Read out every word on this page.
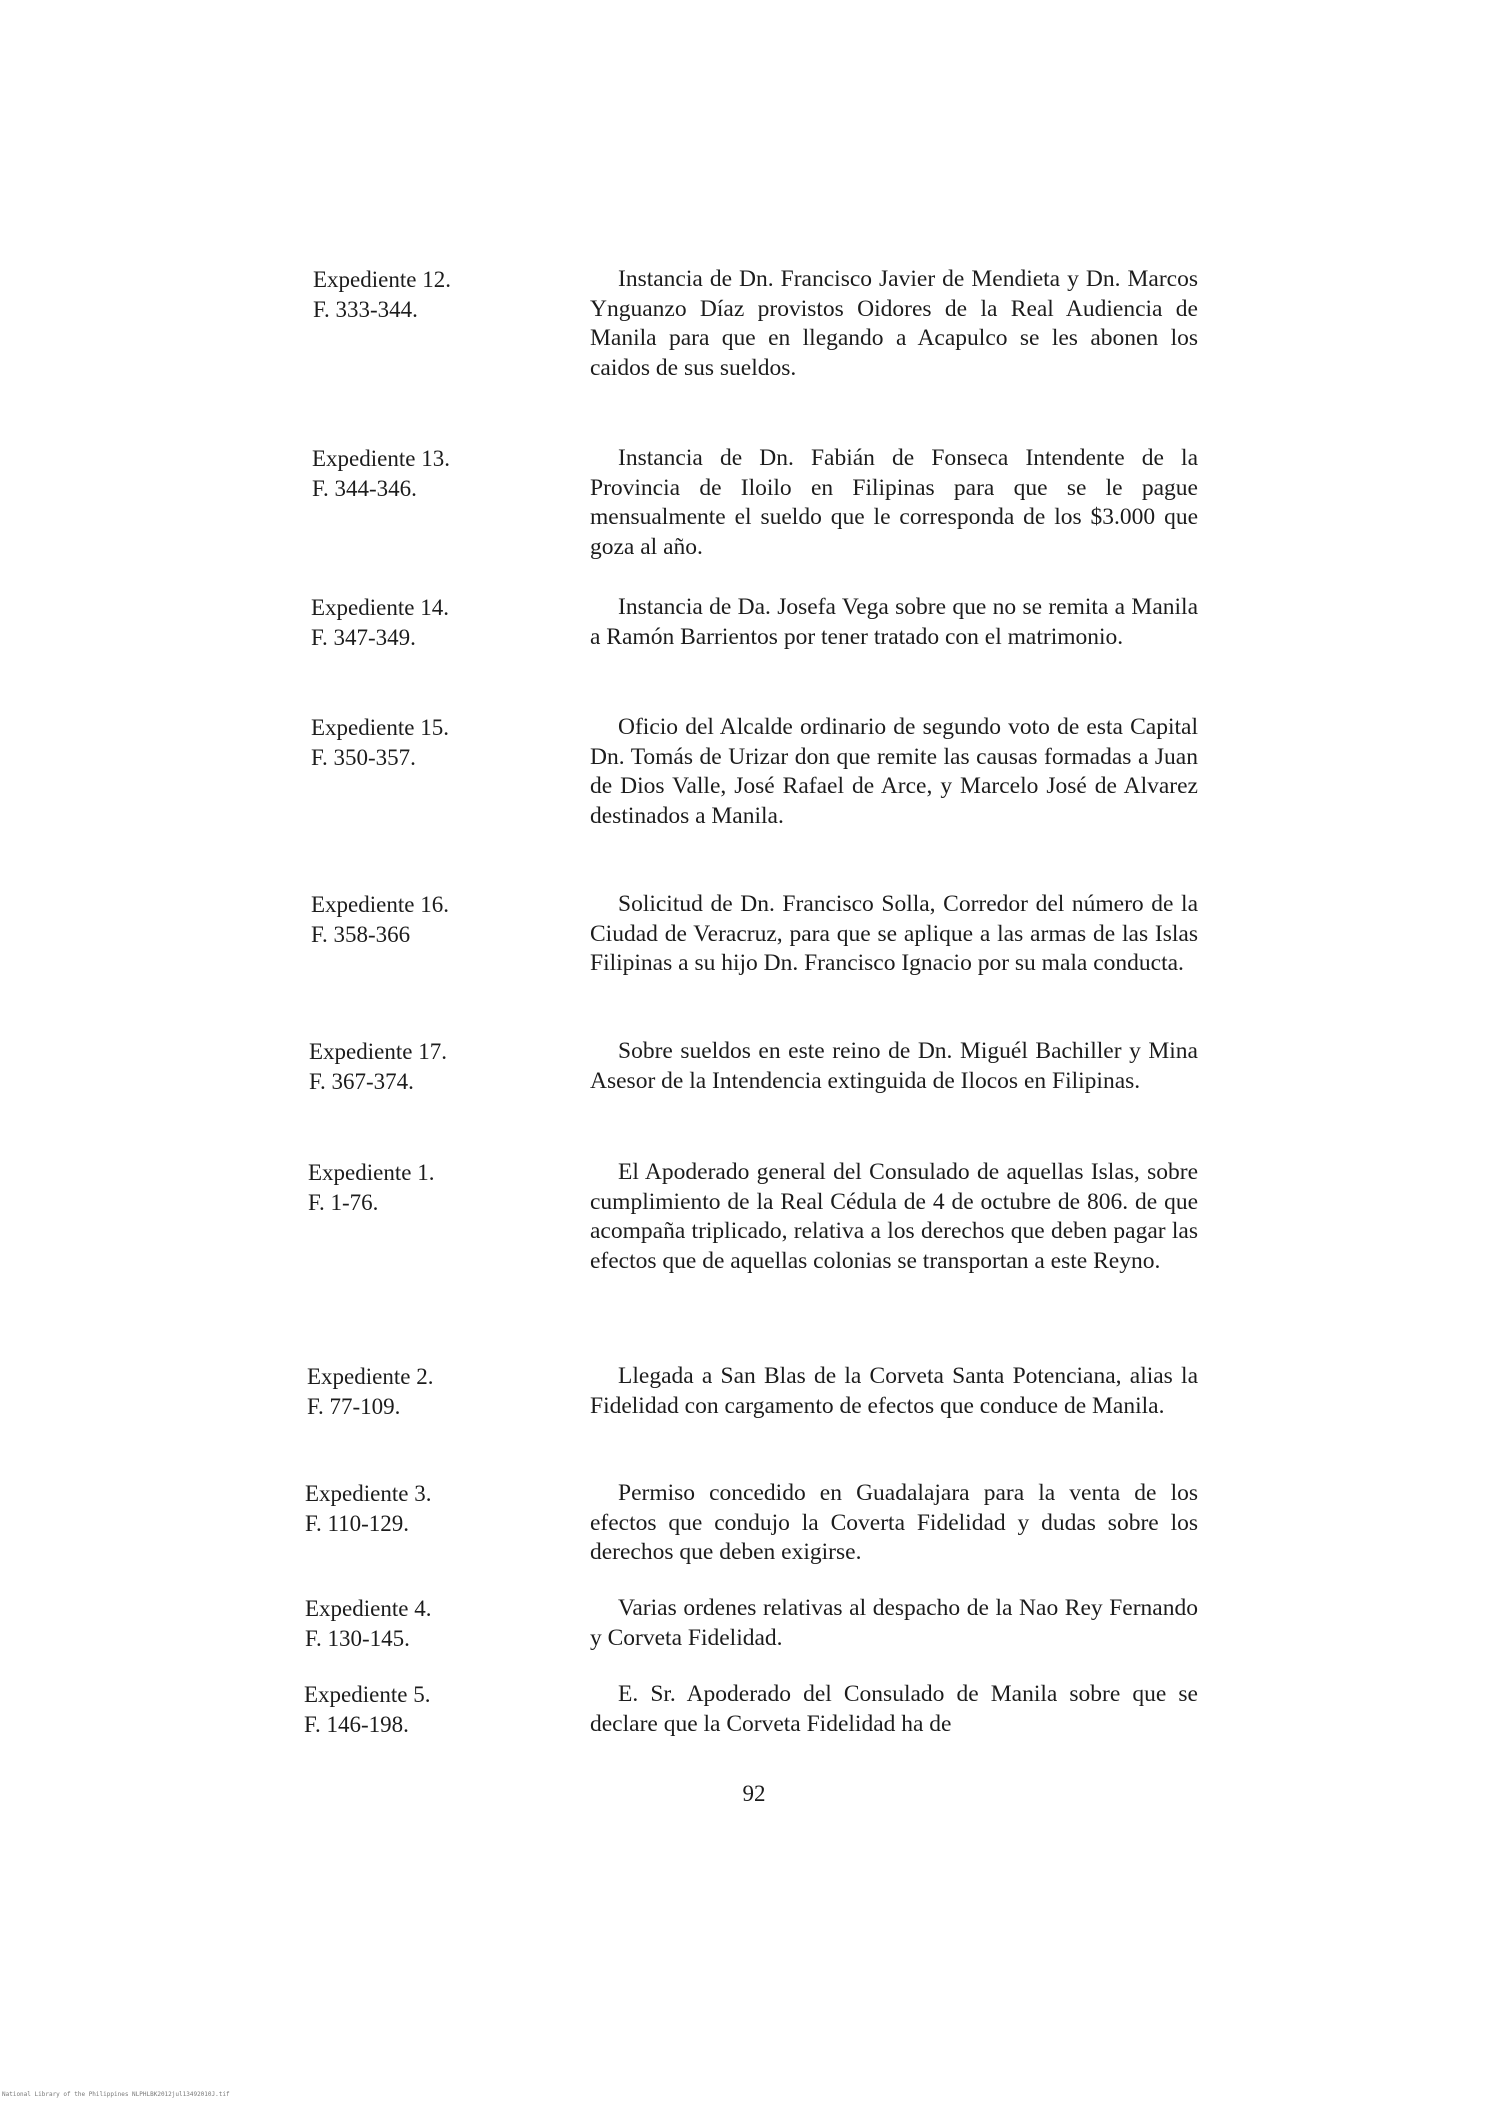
Expediente 12.
F. 333-344.

Instancia de Dn. Francisco Javier de Mendieta y Dn. Marcos Ynguanzo Díaz provistos Oidores de la Real Audiencia de Manila para que en llegando a Acapulco se les abonen los caidos de sus sueldos.

Expediente 13.
F. 344-346.

Instancia de Dn. Fabián de Fonseca Intendente de la Provincia de Iloilo en Filipinas para que se le pague mensualmente el sueldo que le corresponda de los $3.000 que goza al año.

Expediente 14.
F. 347-349.

Instancia de Da. Josefa Vega sobre que no se remita a Manila a Ramón Barrientos por tener tratado con el matrimonio.

Expediente 15.
F. 350-357.

Oficio del Alcalde ordinario de segundo voto de esta Capital Dn. Tomás de Urizar don que remite las causas formadas a Juan de Dios Valle, José Rafael de Arce, y Marcelo José de Alvarez destinados a Manila.

Expediente 16.
F. 358-366

Solicitud de Dn. Francisco Solla, Corredor del número de la Ciudad de Veracruz, para que se aplique a las armas de las Islas Filipinas a su hijo Dn. Francisco Ignacio por su mala conducta.

Expediente 17.
F. 367-374.

Sobre sueldos en este reino de Dn. Miguél Bachiller y Mina Asesor de la Intendencia extinguida de Ilocos en Filipinas.

Expediente 1.
F. 1-76.

El Apoderado general del Consulado de aquellas Islas, sobre cumplimiento de la Real Cédula de 4 de octubre de 806. de que acompaña triplicado, relativa a los derechos que deben pagar las efectos que de aquellas colonias se transportan a este Reyno.

Expediente 2.
F. 77-109.

Llegada a San Blas de la Corveta Santa Potenciana, alias la Fidelidad con cargamento de efectos que conduce de Manila.

Expediente 3.
F. 110-129.

Permiso concedido en Guadalajara para la venta de los efectos que condujo la Coverta Fidelidad y dudas sobre los derechos que deben exigirse.

Expediente 4.
F. 130-145.

Varias ordenes relativas al despacho de la Nao Rey Fernando y Corveta Fidelidad.

Expediente 5.
F. 146-198.

E. Sr. Apoderado del Consulado de Manila sobre que se declare que la Corveta Fidelidad ha de

92
National Library of the Philippines NLPHLBK2012jul13492010J.tif
